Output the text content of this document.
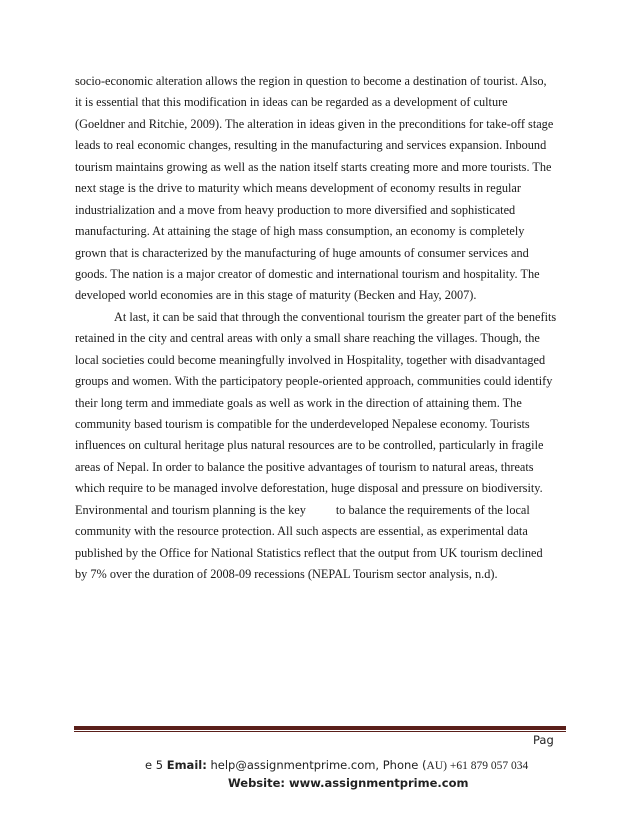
socio-economic alteration allows the region in question to become a destination of tourist. Also,
it is essential that this modification in ideas can be regarded as a development of culture
(Goeldner and Ritchie, 2009). The alteration in ideas given in the preconditions for take-off stage
leads to real economic changes, resulting in the manufacturing and services expansion. Inbound
tourism maintains growing as well as the nation itself starts creating more and more tourists. The
next stage is the drive to maturity which means development of economy results in regular
industrialization and a move from heavy production to more diversified and sophisticated
manufacturing. At attaining the stage of high mass consumption, an economy is completely
grown that is characterized by the manufacturing of huge amounts of consumer services and
goods. The nation is a major creator of domestic and international tourism and hospitality. The
developed world economies are in this stage of maturity (Becken and Hay, 2007).
At last, it can be said that through the conventional tourism the greater part of the benefits
retained in the city and central areas with only a small share reaching the villages. Though, the
local societies could become meaningfully involved in Hospitality, together with disadvantaged
groups and women. With the participatory people-oriented approach, communities could identify
their long term and immediate goals as well as work in the direction of attaining them. The
community based tourism is compatible for the underdeveloped Nepalese economy. Tourists
influences on cultural heritage plus natural resources are to be controlled, particularly in fragile
areas of Nepal. In order to balance the positive advantages of tourism to natural areas, threats
which require to be managed involve deforestation, huge disposal and pressure on biodiversity.
Environmental and tourism planning is the key to balance the requirements of the local
community with the resource protection. All such aspects are essential, as experimental data
published by the Office for National Statistics reflect that the output from UK tourism declined
by 7% over the duration of 2008-09 recessions (NEPAL Tourism sector analysis, n.d).
Pag
e 5 Email: help@assignmentprime.com, Phone (AU) +61 879 057 034
Website: www.assignmentprime.com
